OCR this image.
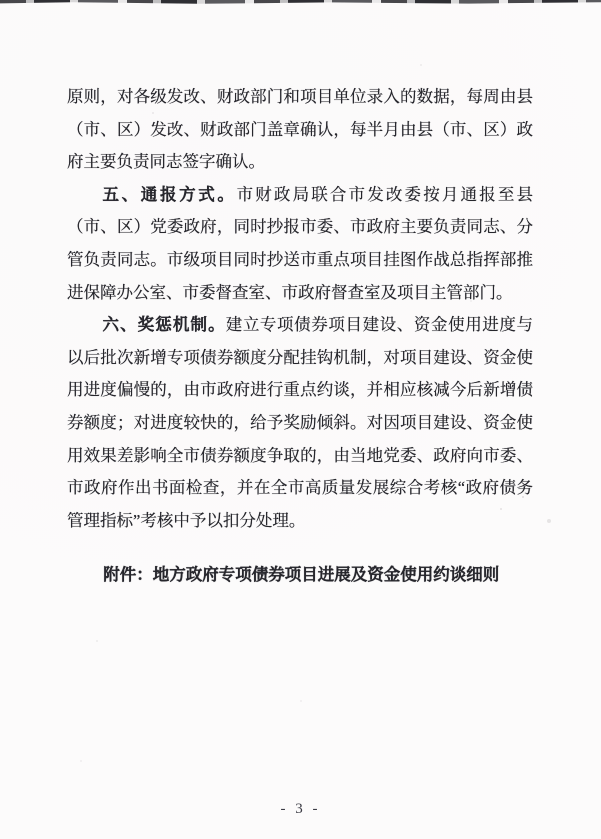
原则，对各级发改、财政部门和项目单位录入的数据，每周由县（市、区）发改、财政部门盖章确认，每半月由县（市、区）政府主要负责同志签字确认。

五、通报方式。市财政局联合市发改委按月通报至县（市、区）党委政府，同时抄报市委、市政府主要负责同志、分管负责同志。市级项目同时抄送市重点项目挂图作战总指挥部推进保障办公室、市委督查室、市政府督查室及项目主管部门。

六、奖惩机制。建立专项债券项目建设、资金使用进度与以后批次新增专项债券额度分配挂钩机制，对项目建设、资金使用进度偏慢的，由市政府进行重点约谈，并相应核减今后新增债券额度；对进度较快的，给予奖励倾斜。对因项目建设、资金使用效果差影响全市债券额度争取的，由当地党委、政府向市委、市政府作出书面检查，并在全市高质量发展综合考核“政府债务管理指标”考核中予以扣分处理。

附件：地方政府专项债券项目进展及资金使用约谈细则

- 3 -
